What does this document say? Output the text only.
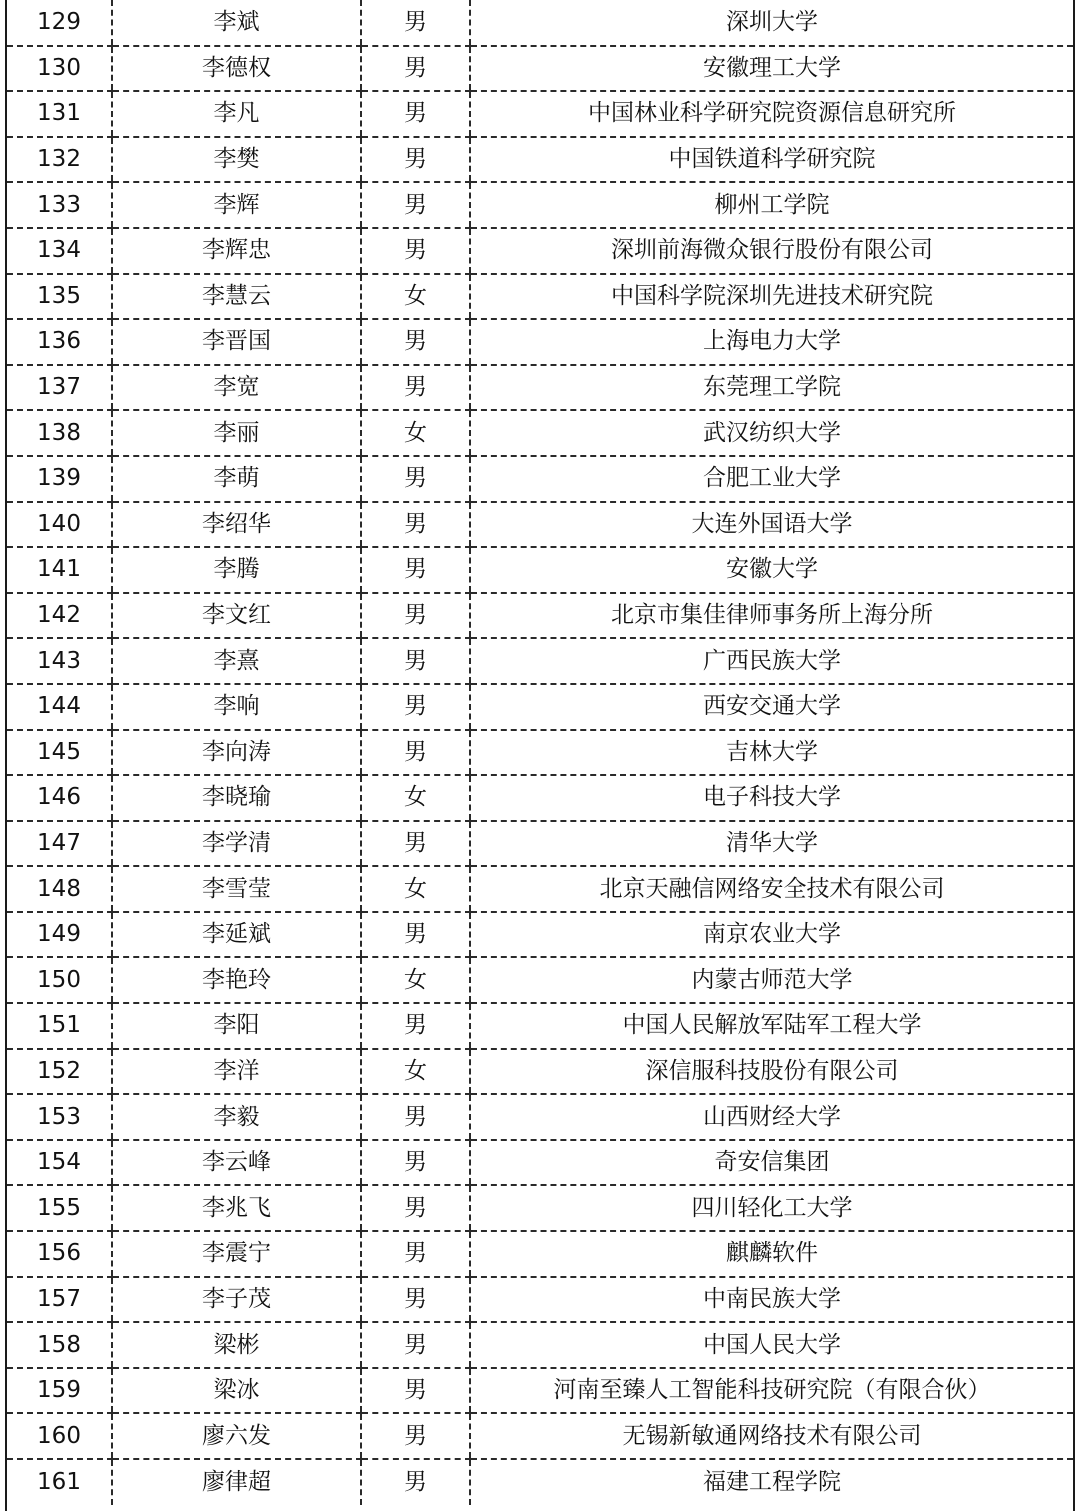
129	李斌	男	深圳大学
130	李德权	男	安徽理工大学
131	李凡	男	中国林业科学研究院资源信息研究所
132	李樊	男	中国铁道科学研究院
133	李辉	男	柳州工学院
134	李辉忠	男	深圳前海微众银行股份有限公司
135	李慧云	女	中国科学院深圳先进技术研究院
136	李晋国	男	上海电力大学
137	李宽	男	东莞理工学院
138	李丽	女	武汉纺织大学
139	李萌	男	合肥工业大学
140	李绍华	男	大连外国语大学
141	李腾	男	安徽大学
142	李文红	男	北京市集佳律师事务所上海分所
143	李熹	男	广西民族大学
144	李响	男	西安交通大学
145	李向涛	男	吉林大学
146	李晓瑜	女	电子科技大学
147	李学清	男	清华大学
148	李雪莹	女	北京天融信网络安全技术有限公司
149	李延斌	男	南京农业大学
150	李艳玲	女	内蒙古师范大学
151	李阳	男	中国人民解放军陆军工程大学
152	李洋	女	深信服科技股份有限公司
153	李毅	男	山西财经大学
154	李云峰	男	奇安信集团
155	李兆飞	男	四川轻化工大学
156	李震宁	男	麒麟软件
157	李子茂	男	中南民族大学
158	梁彬	男	中国人民大学
159	梁冰	男	河南至臻人工智能科技研究院（有限合伙）
160	廖六发	男	无锡新敏通网络技术有限公司
161	廖律超	男	福建工程学院
